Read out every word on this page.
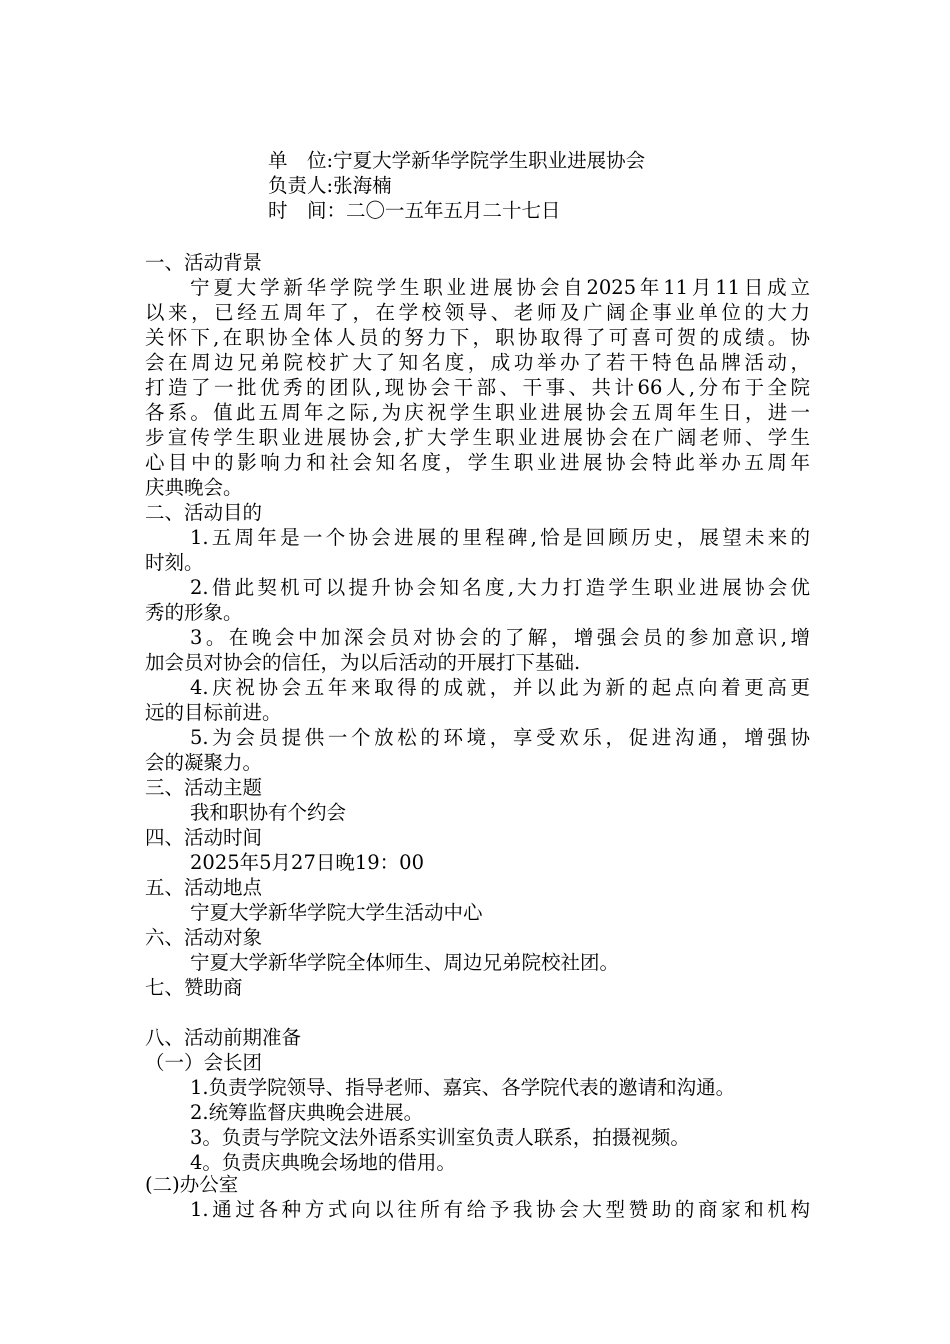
单　位:宁夏大学新华学院学生职业进展协会
负责人:张海楠
时　间：二〇一五年五月二十七日
一、活动背景
宁夏大学新华学院学生职业进展协会自2025年11月11日成立
以来，已经五周年了，在学校领导、老师及广阔企事业单位的大力
关怀下,在职协全体人员的努力下，职协取得了可喜可贺的成绩。协
会在周边兄弟院校扩大了知名度，成功举办了若干特色品牌活动，
打造了一批优秀的团队,现协会干部、干事、共计66人,分布于全院
各系。值此五周年之际,为庆祝学生职业进展协会五周年生日，进一
步宣传学生职业进展协会,扩大学生职业进展协会在广阔老师、学生
心目中的影响力和社会知名度，学生职业进展协会特此举办五周年
庆典晚会。
二、活动目的
1.五周年是一个协会进展的里程碑,恰是回顾历史，展望未来的
时刻。
2.借此契机可以提升协会知名度,大力打造学生职业进展协会优
秀的形象。
3。在晚会中加深会员对协会的了解，增强会员的参加意识,增
加会员对协会的信任，为以后活动的开展打下基础.
4.庆祝协会五年来取得的成就，并以此为新的起点向着更高更
远的目标前进。
5.为会员提供一个放松的环境，享受欢乐，促进沟通，增强协
会的凝聚力。
三、活动主题
我和职协有个约会
四、活动时间
2025年5月27日晚19：00
五、活动地点
宁夏大学新华学院大学生活动中心
六、活动对象
宁夏大学新华学院全体师生、周边兄弟院校社团。
七、赞助商
八、活动前期准备
（一）会长团
1.负责学院领导、指导老师、嘉宾、各学院代表的邀请和沟通。
2.统筹监督庆典晚会进展。
3。负责与学院文法外语系实训室负责人联系，拍摄视频。
4。负责庆典晚会场地的借用。
(二)办公室
1.通过各种方式向以往所有给予我协会大型赞助的商家和机构
